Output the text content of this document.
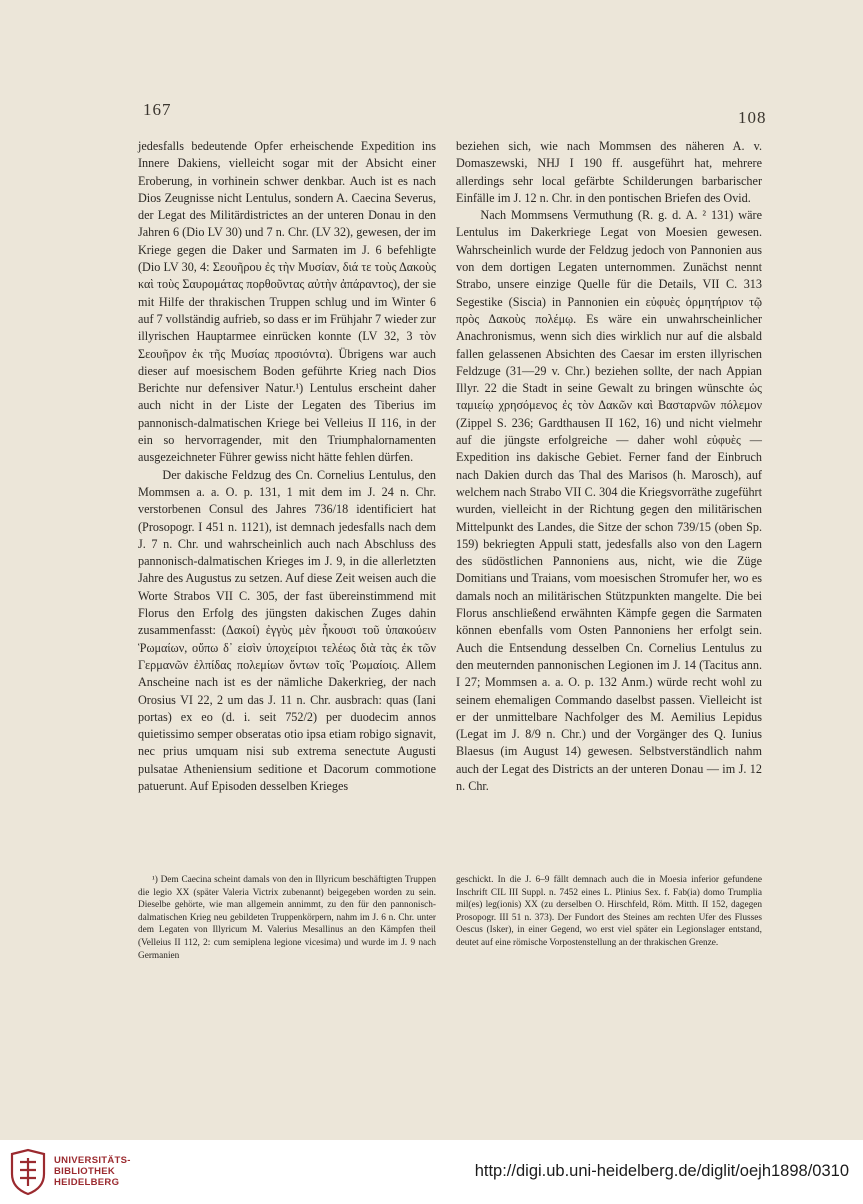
167	108

jedesfalls bedeutende Opfer erheischende Expedition ins Innere Dakiens, vielleicht sogar mit der Absicht einer Eroberung, in vorhinein schwer denkbar. Auch ist es nach Dios Zeugnisse nicht Lentulus, sondern A. Caecina Severus, der Legat des Militärdistrictes an der unteren Donau in den Jahren 6 (Dio LV 30) und 7 n. Chr. (LV 32), gewesen, der im Kriege gegen die Daker und Sarmaten im J. 6 befehligte (Dio LV 30, 4: Σεουῆρου ἐς τὴν Μυσίαν, διά τε τοὺς Δακοὺς καὶ τοὺς Σαυρομάτας πορθοῦντας αὐτὴν ἀπάραντος), der sie mit Hilfe der thrakischen Truppen schlug und im Winter 6 auf 7 vollständig aufrieb, so dass er im Frühjahr 7 wieder zur illyrischen Hauptarmee einrücken konnte (LV 32, 3 τὸν Σεουῆρον ἐκ τῆς Μυσίας προσιόντα). Übrigens war auch dieser auf moesischem Boden geführte Krieg nach Dios Berichte nur defensiver Natur.¹) Lentulus erscheint daher auch nicht in der Liste der Legaten des Tiberius im pannonisch-dalmatischen Kriege bei Velleius II 116, in der ein so hervorragender, mit den Triumphalornamenten ausgezeichneter Führer gewiss nicht hätte fehlen dürfen.

Der dakische Feldzug des Cn. Cornelius Lentulus, den Mommsen a. a. O. p. 131, 1 mit dem im J. 24 n. Chr. verstorbenen Consul des Jahres 736/18 identificiert hat (Prosopogr. I 451 n. 1121), ist demnach jedesfalls nach dem J. 7 n. Chr. und wahrscheinlich auch nach Abschluss des pannonisch-dalmatischen Krieges im J. 9, in die allerletzten Jahre des Augustus zu setzen. Auf diese Zeit weisen auch die Worte Strabos VII C. 305, der fast übereinstimmend mit Florus den Erfolg des jüngsten dakischen Zuges dahin zusammenfasst: (Δακοί) ἐγγὺς μὲν ἧκουσι τοῦ ὑπακούειν Ῥωμαίων, οὔπω δ᾽ εἰσὶν ὑποχείριοι τελέως διὰ τὰς ἐκ τῶν Γερμανῶν ἐλπίδας πολεμίων ὄντων τοῖς Ῥωμαίοις. Allem Anscheine nach ist es der nämliche Dakerkrieg, der nach Orosius VI 22, 2 um das J. 11 n. Chr. ausbrach: quas (Iani portas) ex eo (d. i. seit 752/2) per duodecim annos quietissimo semper obseratas otio ipsa etiam robigo signavit, nec prius umquam nisi sub extrema senectute Augusti pulsatae Atheniensium seditione et Dacorum commotione patuerunt. Auf Episoden desselben Krieges

beziehen sich, wie nach Mommsen des näheren A. v. Domaszewski, NHJ I 190 ff. ausgeführt hat, mehrere allerdings sehr local gefärbte Schilderungen barbarischer Einfälle im J. 12 n. Chr. in den pontischen Briefen des Ovid.

Nach Mommsens Vermuthung (R. g. d. A. ² 131) wäre Lentulus im Dakerkriege Legat von Moesien gewesen. Wahrscheinlich wurde der Feldzug jedoch von Pannonien aus von dem dortigen Legaten unternommen. Zunächst nennt Strabo, unsere einzige Quelle für die Details, VII C. 313 Segestike (Siscia) in Pannonien ein εὐφυὲς ὁρμητήριον τῷ πρὸς Δακοὺς πολέμῳ. Es wäre ein unwahrscheinlicher Anachronismus, wenn sich dies wirklich nur auf die alsbald fallen gelassenen Absichten des Caesar im ersten illyrischen Feldzuge (31—29 v. Chr.) beziehen sollte, der nach Appian Illyr. 22 die Stadt in seine Gewalt zu bringen wünschte ὡς ταμιείῳ χρησόμενος ἐς τὸν Δακῶν καὶ Βασταρνῶν πόλεμον (Zippel S. 236; Gardthausen II 162, 16) und nicht vielmehr auf die jüngste erfolgreiche — daher wohl εὐφυὲς — Expedition ins dakische Gebiet. Ferner fand der Einbruch nach Dakien durch das Thal des Marisos (h. Marosch), auf welchem nach Strabo VII C. 304 die Kriegsvorräthe zugeführt wurden, vielleicht in der Richtung gegen den militärischen Mittelpunkt des Landes, die Sitze der schon 739/15 (oben Sp. 159) bekriegten Appuli statt, jedesfalls also von den Lagern des südöstlichen Pannoniens aus, nicht, wie die Züge Domitians und Traians, vom moesischen Stromufer her, wo es damals noch an militärischen Stützpunkten mangelte. Die bei Florus anschließend erwähnten Kämpfe gegen die Sarmaten können ebenfalls vom Osten Pannoniens her erfolgt sein. Auch die Entsendung desselben Cn. Cornelius Lentulus zu den meuternden pannonischen Legionen im J. 14 (Tacitus ann. I 27; Mommsen a. a. O. p. 132 Anm.) würde recht wohl zu seinem ehemaligen Commando daselbst passen. Vielleicht ist er der unmittelbare Nachfolger des M. Aemilius Lepidus (Legat im J. 8/9 n. Chr.) und der Vorgänger des Q. Iunius Blaesus (im August 14) gewesen. Selbstverständlich nahm auch der Legat des Districts an der unteren Donau — im J. 12 n. Chr.

¹) Dem Caecina scheint damals von den in Illyricum beschäftigten Truppen die legio XX (später Valeria Victrix zubenannt) beigegeben worden zu sein. Dieselbe gehörte, wie man allgemein annimmt, zu den für den pannonisch-dalmatischen Krieg neu gebildeten Truppenkörpern, nahm im J. 6 n. Chr. unter dem Legaten von Illyricum M. Valerius Mesallinus an den Kämpfen theil (Velleius II 112, 2: cum semiplena legione vicesima) und wurde im J. 9 nach Germanien

geschickt. In die J. 6–9 fällt demnach auch die in Moesia inferior gefundene Inschrift CIL III Suppl. n. 7452 eines L. Plinius Sex. f. Fab(ia) domo Trumplia mil(es) leg(ionis) XX (zu derselben O. Hirschfeld, Röm. Mitth. II 152, dagegen Prosopogr. III 51 n. 373). Der Fundort des Steines am rechten Ufer des Flusses Oescus (Isker), in einer Gegend, wo erst viel später ein Legionslager entstand, deutet auf eine römische Vorpostenstellung an der thrakischen Grenze.

UNIVERSITÄTS-
BIBLIOTHEK
HEIDELBERG
http://digi.ub.uni-heidelberg.de/diglit/oejh1898/0310
